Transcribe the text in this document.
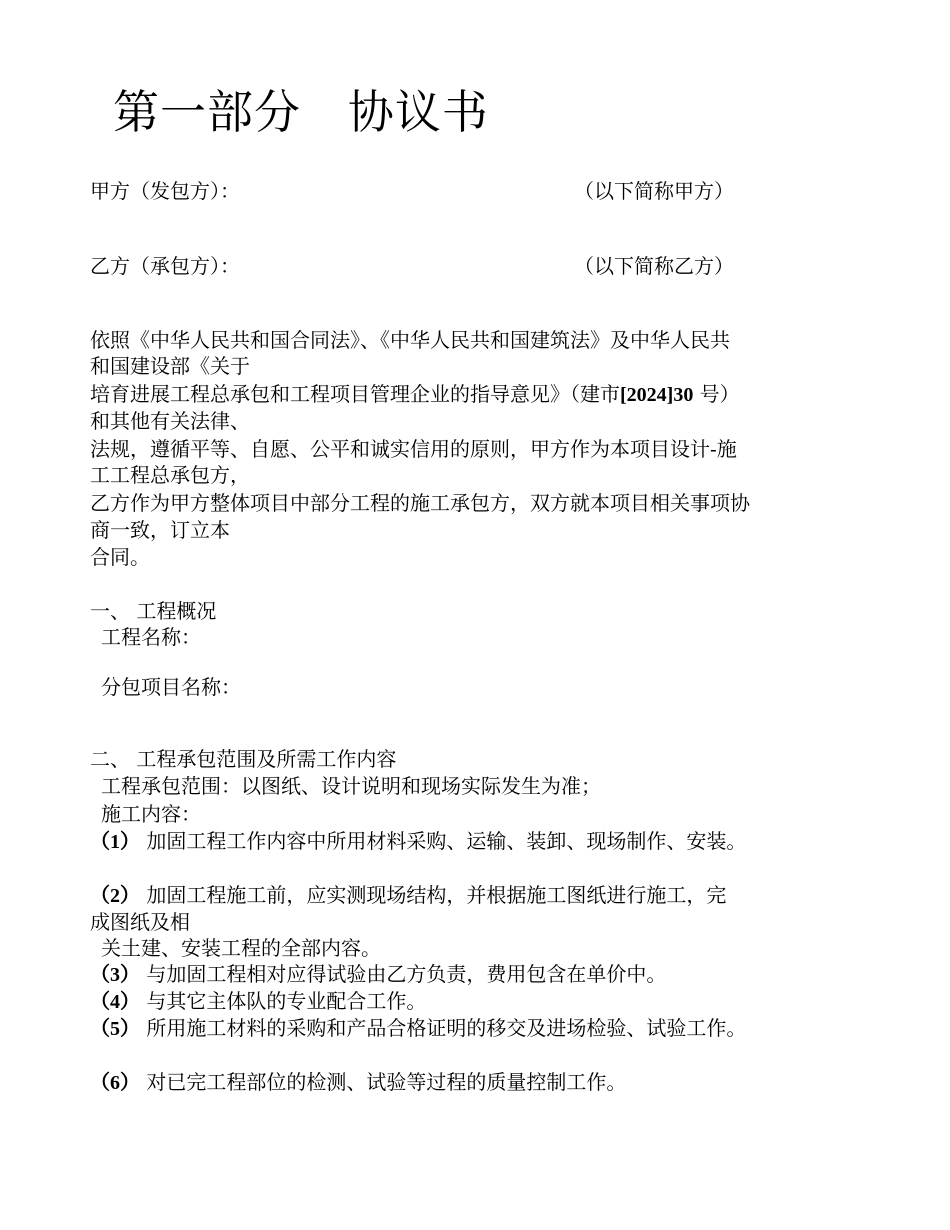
第一部分   协议书
甲方（发包方）：	（以下简称甲方）
乙方（承包方）：	（以下简称乙方）
依照《中华人民共和国合同法》、《中华人民共和国建筑法》及中华人民共
和国建设部《关于
培育进展工程总承包和工程项目管理企业的指导意见》（建市[2024]30 号）
和其他有关法律、
法规，遵循平等、自愿、公平和诚实信用的原则，甲方作为本项目设计-施
工工程总承包方，
乙方作为甲方整体项目中部分工程的施工承包方，双方就本项目相关事项协
商一致，订立本
合同。
一、 工程概况
工程名称：
分包项目名称：
二、 工程承包范围及所需工作内容
工程承包范围：以图纸、设计说明和现场实际发生为准；
施工内容：
（1） 加固工程工作内容中所用材料采购、运输、装卸、现场制作、安装。
（2） 加固工程施工前，应实测现场结构，并根据施工图纸进行施工，完
成图纸及相
关土建、安装工程的全部内容。
（3） 与加固工程相对应得试验由乙方负责，费用包含在单价中。
（4） 与其它主体队的专业配合工作。
（5） 所用施工材料的采购和产品合格证明的移交及进场检验、试验工作。
（6） 对已完工程部位的检测、试验等过程的质量控制工作。
